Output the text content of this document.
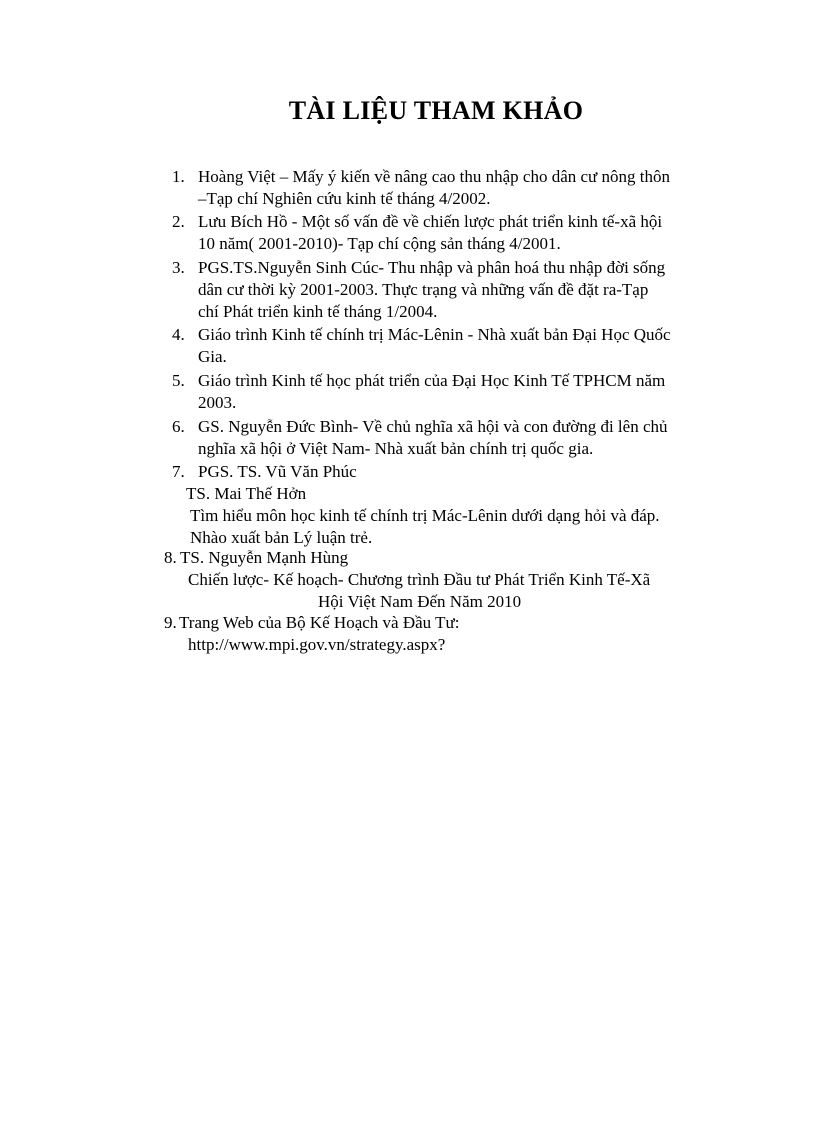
TÀI LIỆU THAM KHẢO
1. Hoàng Việt – Mấy ý kiến về nâng cao thu nhập cho dân cư nông thôn
–Tạp chí Nghiên cứu kinh tế tháng 4/2002.
2. Lưu Bích Hồ - Một số vấn đề về chiến lược phát triển kinh tế-xã hội
10 năm( 2001-2010)- Tạp chí cộng sản tháng 4/2001.
3. PGS.TS.Nguyễn Sinh Cúc- Thu nhập và phân hoá thu nhập đời sống
dân cư thời kỳ 2001-2003. Thực trạng và những vấn đề đặt ra-Tạp
chí Phát triển kinh tế tháng 1/2004.
4. Giáo trình Kinh tế chính trị Mác-Lênin - Nhà xuất bản Đại Học Quốc
Gia.
5. Giáo trình Kinh tế học phát triển của Đại Học Kinh Tế TPHCM năm
2003.
6. GS. Nguyễn Đức Bình- Về chủ nghĩa xã hội và con đường đi lên chủ
nghĩa xã hội ở Việt Nam- Nhà xuất bản chính trị quốc gia.
7. PGS. TS. Vũ Văn Phúc
TS. Mai Thế Hởn
Tìm hiểu môn học kinh tế chính trị Mác-Lênin dưới dạng hỏi và đáp.
Nhào xuất bản Lý luận trẻ.
8. TS. Nguyễn Mạnh Hùng
Chiến lược- Kế hoạch- Chương trình Đầu tư Phát Triển Kinh Tế-Xã
Hội Việt Nam Đến Năm 2010
9. Trang Web của Bộ Kế Hoạch và Đầu Tư:
http://www.mpi.gov.vn/strategy.aspx?
